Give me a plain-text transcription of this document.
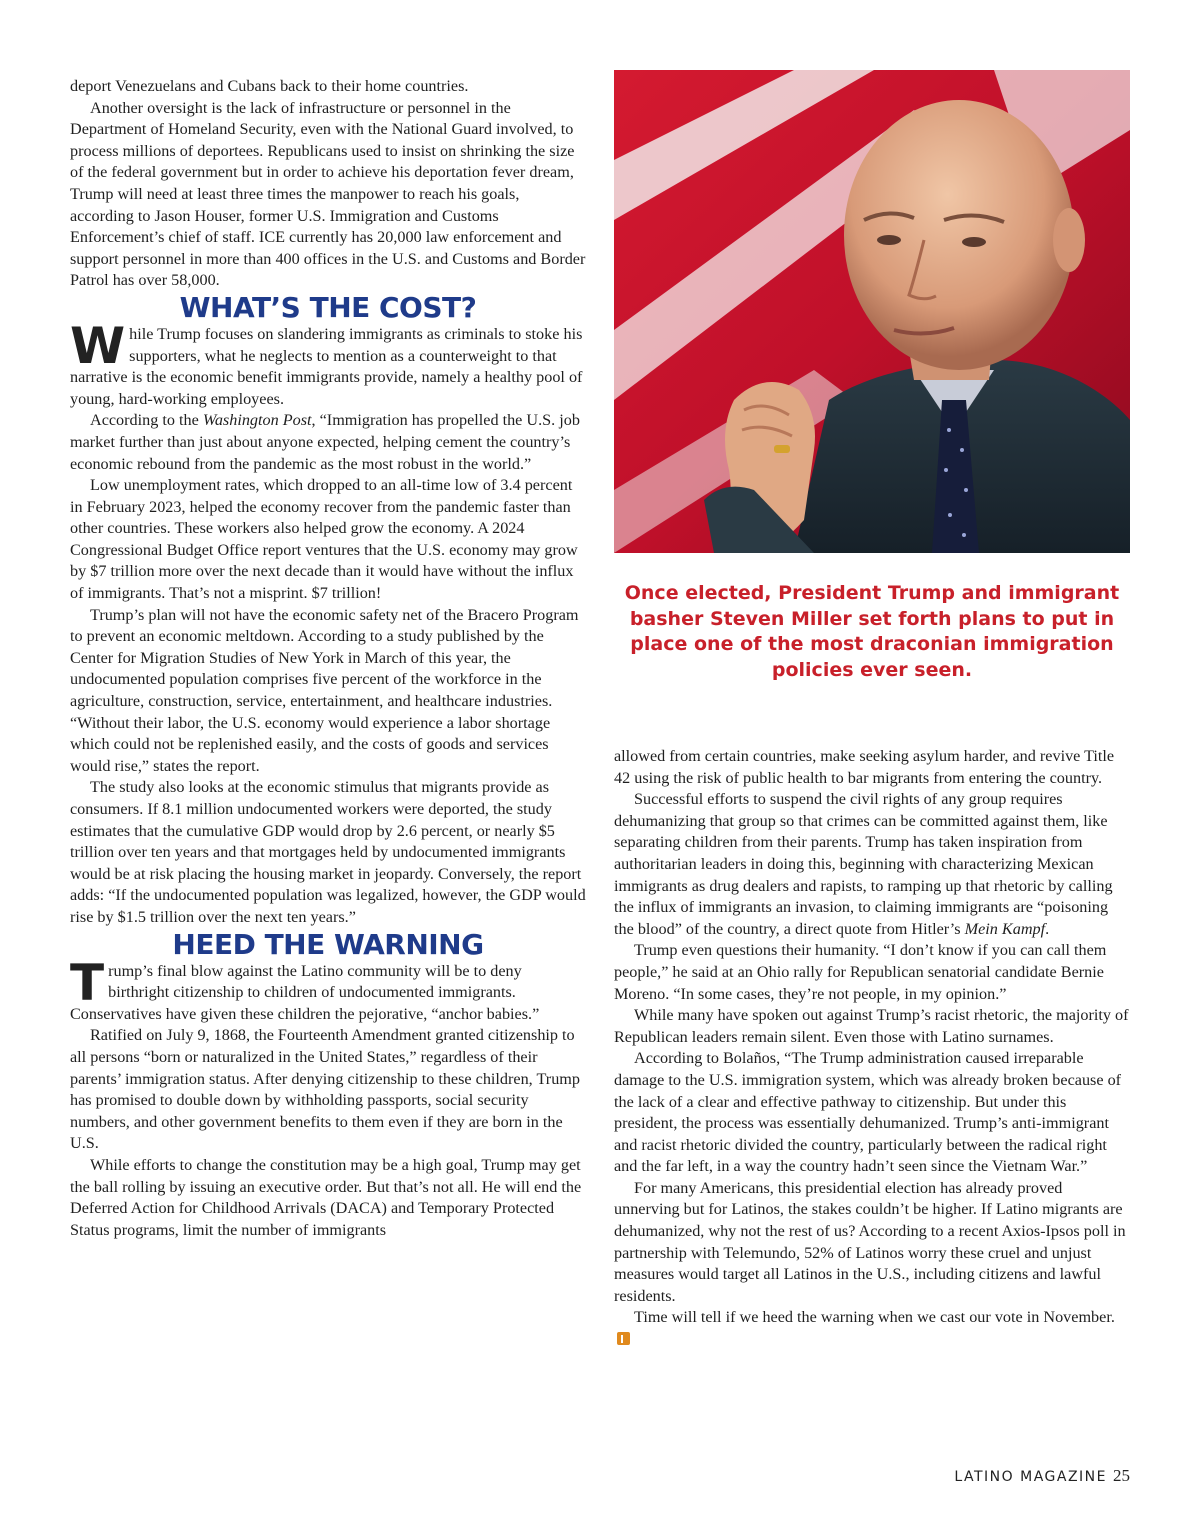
deport Venezuelans and Cubans back to their home countries.

Another oversight is the lack of infrastructure or personnel in the Department of Homeland Security, even with the National Guard involved, to process millions of deportees. Republicans used to insist on shrinking the size of the federal government but in order to achieve his deportation fever dream, Trump will need at least three times the manpower to reach his goals, according to Jason Houser, former U.S. Immigration and Customs Enforcement’s chief of staff. ICE currently has 20,000 law enforcement and support personnel in more than 400 offices in the U.S. and Customs and Border Patrol has over 58,000.

WHAT’S THE COST?

While Trump focuses on slandering immigrants as criminals to stoke his supporters, what he neglects to mention as a counterweight to that narrative is the economic benefit immigrants provide, namely a healthy pool of young, hard-working employees.

According to the Washington Post, “Immigration has propelled the U.S. job market further than just about anyone expected, helping cement the country’s economic rebound from the pandemic as the most robust in the world.”

Low unemployment rates, which dropped to an all-time low of 3.4 percent in February 2023, helped the economy recover from the pandemic faster than other countries. These workers also helped grow the economy. A 2024 Congressional Budget Office report ventures that the U.S. economy may grow by $7 trillion more over the next decade than it would have without the influx of immigrants. That’s not a misprint. $7 trillion!

Trump’s plan will not have the economic safety net of the Bracero Program to prevent an economic meltdown. According to a study published by the Center for Migration Studies of New York in March of this year, the undocumented population comprises five percent of the workforce in the agriculture, construction, service, entertainment, and healthcare industries. “Without their labor, the U.S. economy would experience a labor shortage which could not be replenished easily, and the costs of goods and services would rise,” states the report.

The study also looks at the economic stimulus that migrants provide as consumers. If 8.1 million undocumented workers were deported, the study estimates that the cumulative GDP would drop by 2.6 percent, or nearly $5 trillion over ten years and that mortgages held by undocumented immigrants would be at risk placing the housing market in jeopardy. Conversely, the report adds: “If the undocumented population was legalized, however, the GDP would rise by $1.5 trillion over the next ten years.”

HEED THE WARNING

Trump’s final blow against the Latino community will be to deny birthright citizenship to children of undocumented immigrants. Conservatives have given these children the pejorative, “anchor babies.”

Ratified on July 9, 1868, the Fourteenth Amendment granted citizenship to all persons “born or naturalized in the United States,” regardless of their parents’ immigration status. After denying citizenship to these children, Trump has promised to double down by withholding passports, social security numbers, and other government benefits to them even if they are born in the U.S.

While efforts to change the constitution may be a high goal, Trump may get the ball rolling by issuing an executive order. But that’s not all. He will end the Deferred Action for Childhood Arrivals (DACA) and Temporary Protected Status programs, limit the number of immigrants

Once elected, President Trump and immigrant basher Steven Miller set forth plans to put in place one of the most draconian immigration policies ever seen.

allowed from certain countries, make seeking asylum harder, and revive Title 42 using the risk of public health to bar migrants from entering the country.

Successful efforts to suspend the civil rights of any group requires dehumanizing that group so that crimes can be committed against them, like separating children from their parents. Trump has taken inspiration from authoritarian leaders in doing this, beginning with characterizing Mexican immigrants as drug dealers and rapists, to ramping up that rhetoric by calling the influx of immigrants an invasion, to claiming immigrants are “poisoning the blood” of the country, a direct quote from Hitler’s Mein Kampf.

Trump even questions their humanity. “I don’t know if you can call them people,” he said at an Ohio rally for Republican senatorial candidate Bernie Moreno. “In some cases, they’re not people, in my opinion.”

While many have spoken out against Trump’s racist rhetoric, the majority of Republican leaders remain silent. Even those with Latino surnames.

According to Bolaños, “The Trump administration caused irreparable damage to the U.S. immigration system, which was already broken because of the lack of a clear and effective pathway to citizenship. But under this president, the process was essentially dehumanized. Trump’s anti-immigrant and racist rhetoric divided the country, particularly between the radical right and the far left, in a way the country hadn’t seen since the Vietnam War.”

For many Americans, this presidential election has already proved unnerving but for Latinos, the stakes couldn’t be higher. If Latino migrants are dehumanized, why not the rest of us? According to a recent Axios-Ipsos poll in partnership with Telemundo, 52% of Latinos worry these cruel and unjust measures would target all Latinos in the U.S., including citizens and lawful residents.

Time will tell if we heed the warning when we cast our vote in November.

LATINO MAGAZINE 25
